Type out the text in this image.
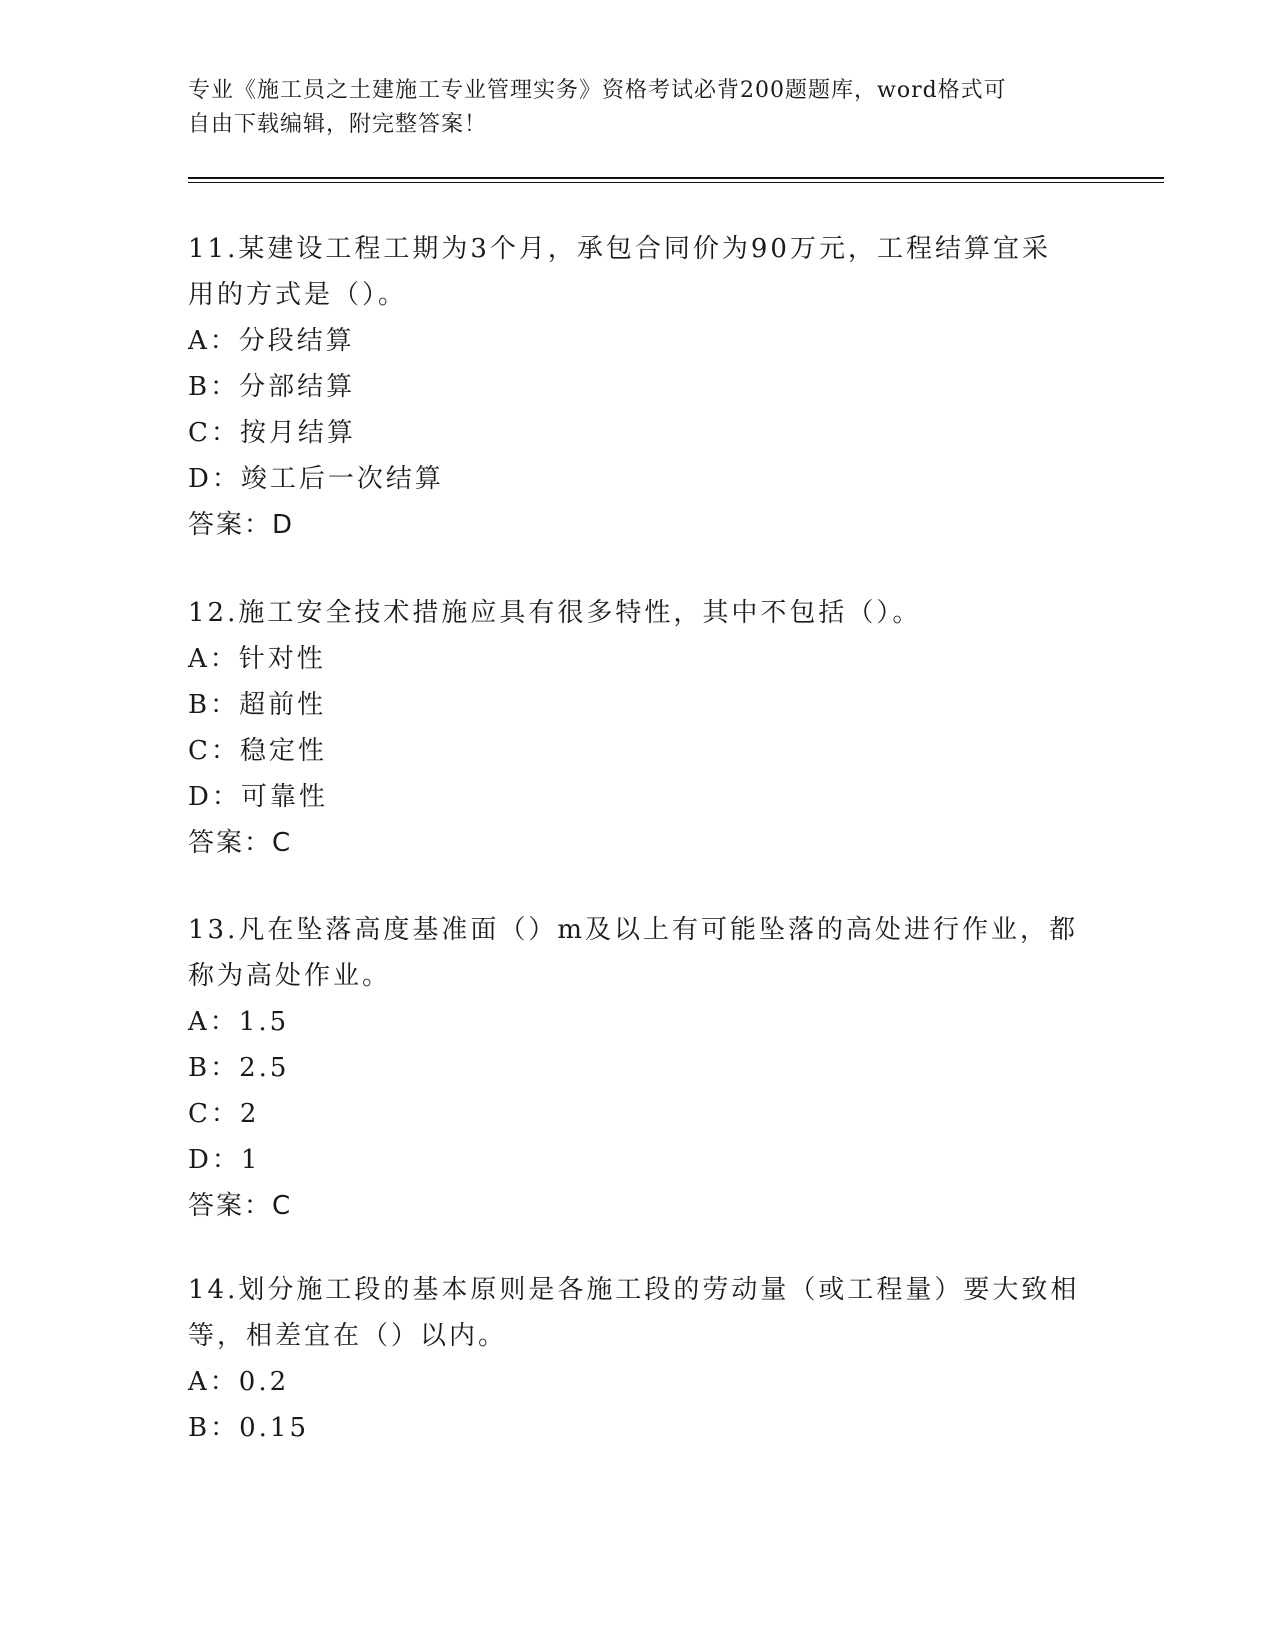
专业《施工员之土建施工专业管理实务》资格考试必背200题题库，word格式可
自由下载编辑，附完整答案！
11.某建设工程工期为3个月，承包合同价为90万元，工程结算宜采
用的方式是（）。
A：分段结算
B：分部结算
C：按月结算
D：竣工后一次结算
答案：D
12.施工安全技术措施应具有很多特性，其中不包括（）。
A：针对性
B：超前性
C：稳定性
D：可靠性
答案：C
13.凡在坠落高度基准面（）m及以上有可能坠落的高处进行作业，都
称为高处作业。
A：1.5
B：2.5
C：2
D：1
答案：C
14.划分施工段的基本原则是各施工段的劳动量（或工程量）要大致相
等，相差宜在（）以内。
A：0.2
B：0.15
